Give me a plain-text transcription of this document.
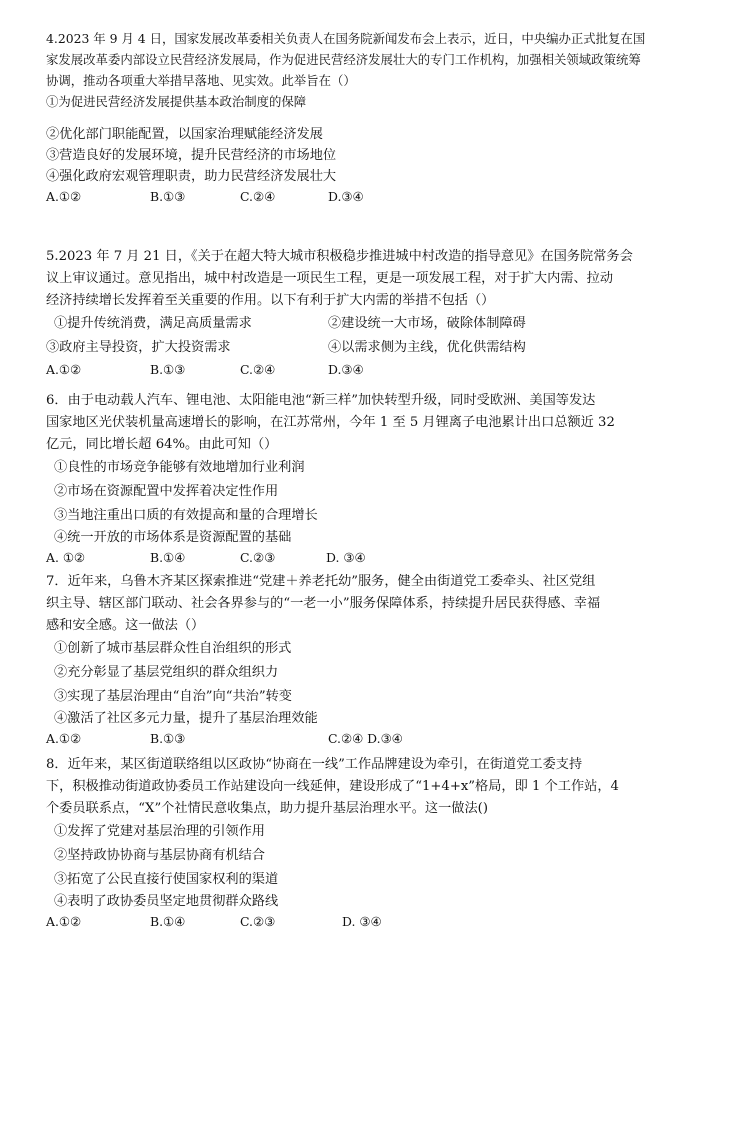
4.2023 年 9 月 4 日，国家发展改革委相关负责人在国务院新闻发布会上表示，近日，中央编办正式批复在国
家发展改革委内部设立民营经济发展局，作为促进民营经济发展壮大的专门工作机构，加强相关领域政策统筹
协调，推动各项重大举措早落地、见实效。此举旨在（）
①为促进民营经济发展提供基本政治制度的保障
②优化部门职能配置，以国家治理赋能经济发展
③营造良好的发展环境，提升民营经济的市场地位
④强化政府宏观管理职责，助力民营经济发展壮大
A.①②	B.①③	C.②④	D.③④
5.2023 年 7 月 21 日，《关于在超大特大城市积极稳步推进城中村改造的指导意见》在国务院常务会
议上审议通过。意见指出，城中村改造是一项民生工程，更是一项发展工程，对于扩大内需、拉动
经济持续增长发挥着至关重要的作用。以下有利于扩大内需的举措不包括（）
①提升传统消费，满足高质量需求	②建设统一大市场，破除体制障碍
③政府主导投资，扩大投资需求	④以需求侧为主线，优化供需结构
A.①②	B.①③	C.②④	D.③④
6．由于电动载人汽车、锂电池、太阳能电池“新三样”加快转型升级，同时受欧洲、美国等发达
国家地区光伏装机量高速增长的影响，在江苏常州，今年 1 至 5 月锂离子电池累计出口总额近 32
亿元，同比增长超 64%。由此可知（）
①良性的市场竞争能够有效地增加行业利润
②市场在资源配置中发挥着决定性作用
③当地注重出口质的有效提高和量的合理增长
④统一开放的市场体系是资源配置的基础
A. ①②	B.①④	C.②③	D. ③④
7．近年来，乌鲁木齐某区探索推进“党建＋养老托幼”服务，健全由街道党工委牵头、社区党组
织主导、辖区部门联动、社会各界参与的“一老一小”服务保障体系，持续提升居民获得感、幸福
感和安全感。这一做法（）
①创新了城市基层群众性自治组织的形式
②充分彰显了基层党组织的群众组织力
③实现了基层治理由“自治”向“共治”转变
④激活了社区多元力量，提升了基层治理效能
A.①②	B.①③	C.②④ D.③④
8．近年来，某区街道联络组以区政协“协商在一线”工作品牌建设为牵引，在街道党工委支持
下，积极推动街道政协委员工作站建设向一线延伸，建设形成了“1+4+x”格局，即 1 个工作站，4
个委员联系点，“X”个社情民意收集点，助力提升基层治理水平。这一做法()
①发挥了党建对基层治理的引领作用
②坚持政协协商与基层协商有机结合
③拓宽了公民直接行使国家权利的渠道
④表明了政协委员坚定地贯彻群众路线
A.①②	B.①④	C.②③	D. ③④
